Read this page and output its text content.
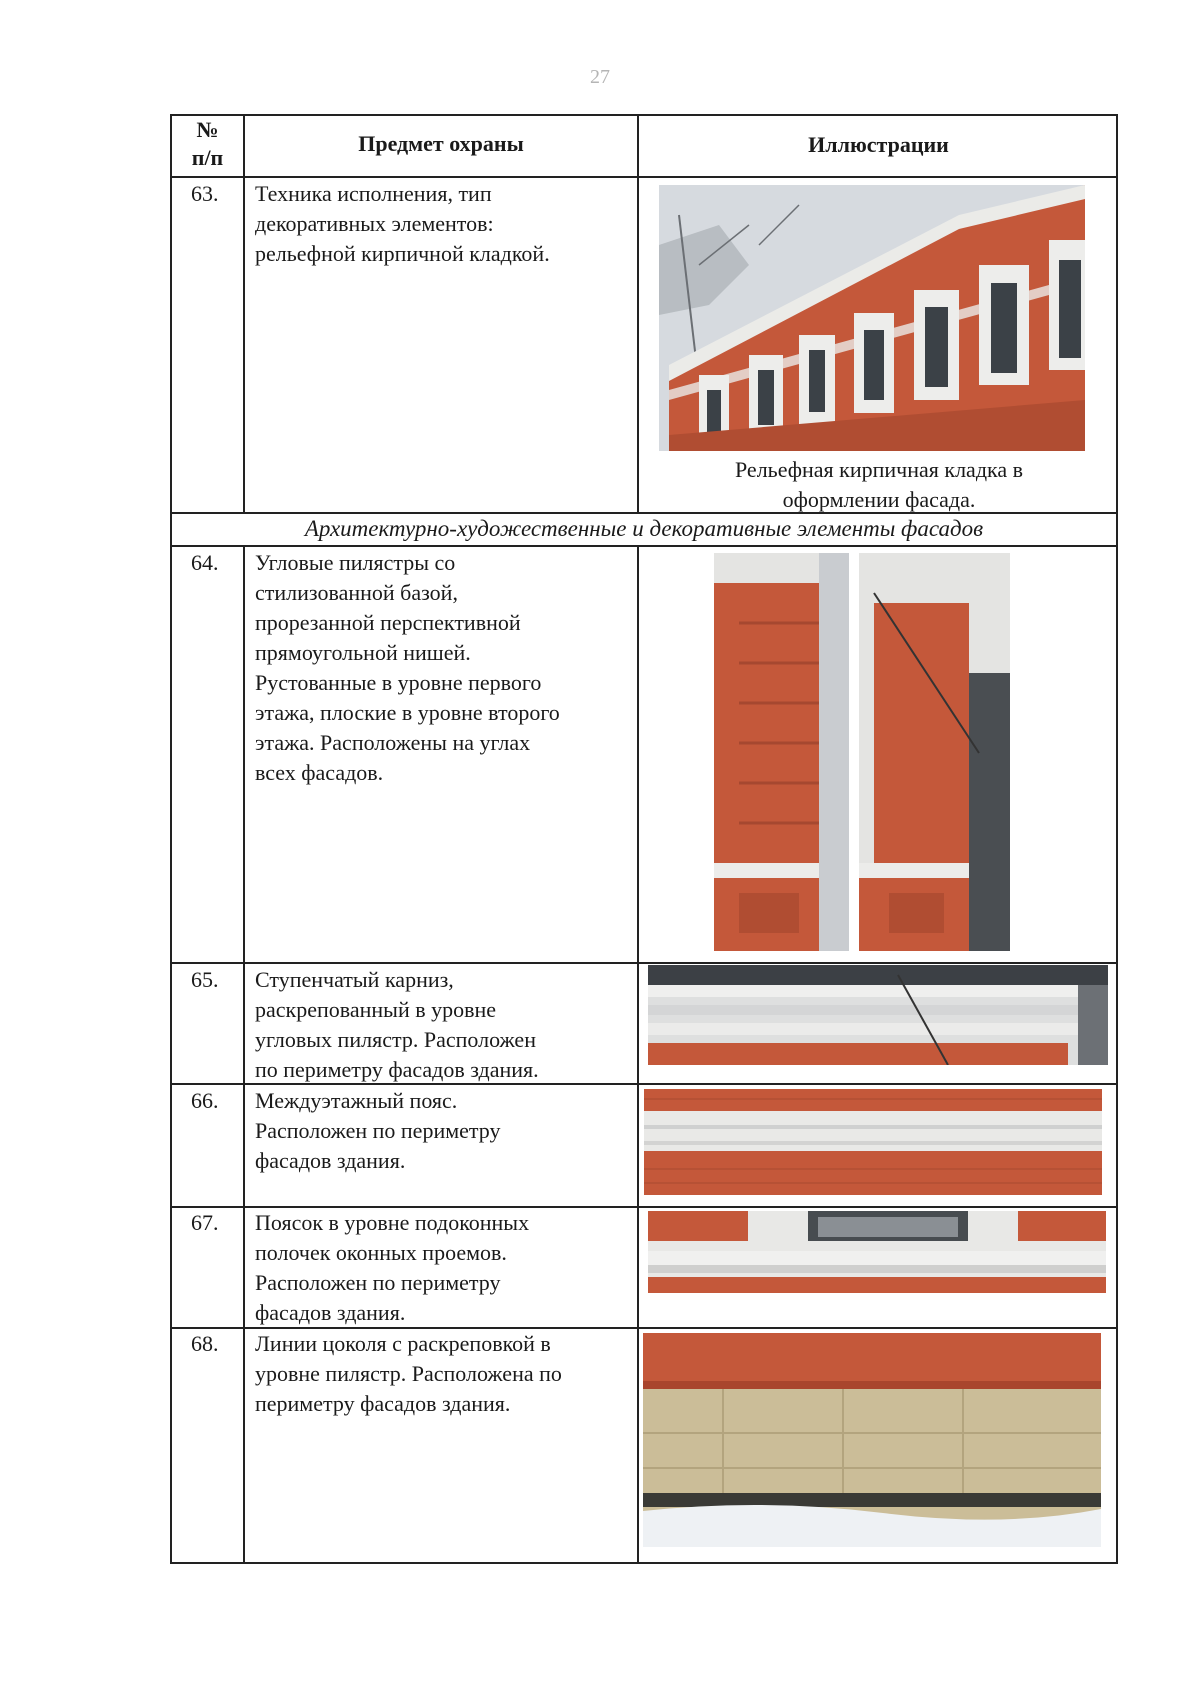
27
№
п/п
Предмет охраны	Иллюстрации
63. Техника исполнения, тип
декоративных элементов:
рельефной кирпичной кладкой.
Рельефная кирпичная кладка в
оформлении фасада.
Архитектурно-художественные и декоративные элементы фасадов
64. Угловые пилястры со
стилизованной базой,
прорезанной перспективной
прямоугольной нишей.
Рустованные в уровне первого
этажа, плоские в уровне второго
этажа. Расположены на углах
всех фасадов.
65. Ступенчатый карниз,
раскрепованный в уровне
угловых пилястр. Расположен
по периметру фасадов здания.
66. Междуэтажный пояс.
Расположен по периметру
фасадов здания.
67. Поясок в уровне подоконных
полочек оконных проемов.
Расположен по периметру
фасадов здания.
68. Линии цоколя с раскреповкой в
уровне пилястр. Расположена по
периметру фасадов здания.
